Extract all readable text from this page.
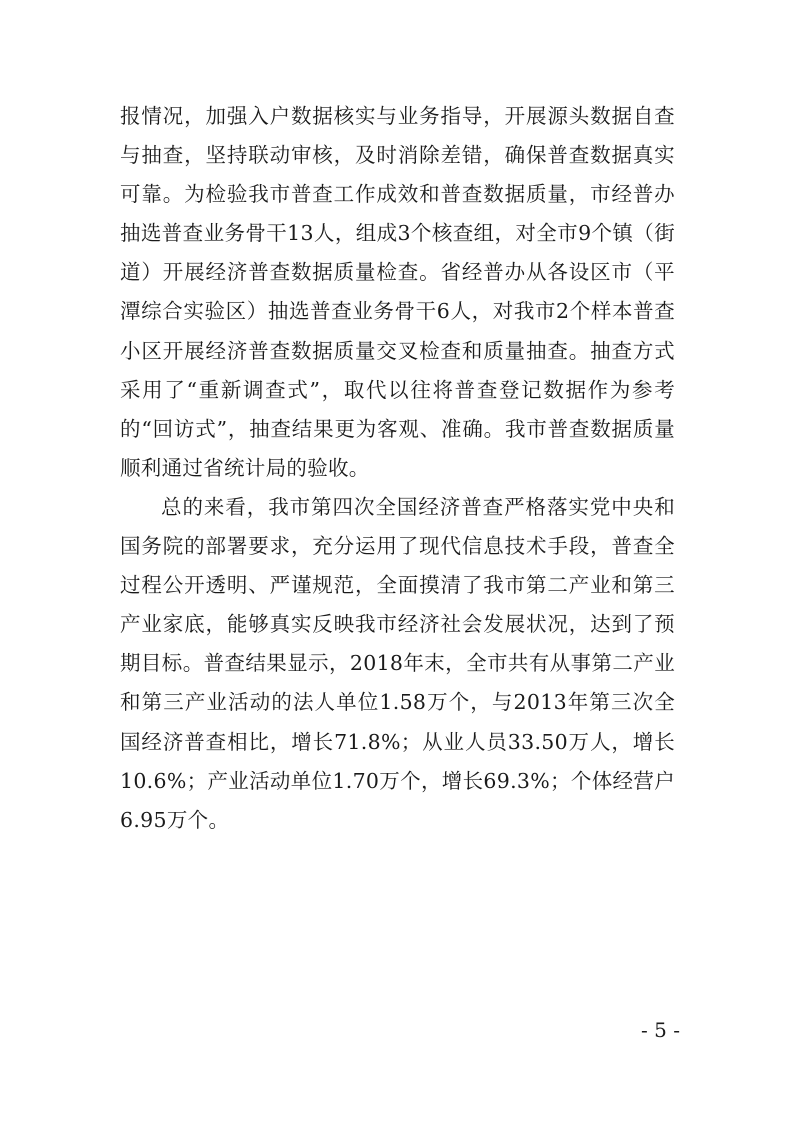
报情况，加强入户数据核实与业务指导，开展源头数据自查与抽查，坚持联动审核，及时消除差错，确保普查数据真实可靠。为检验我市普查工作成效和普查数据质量，市经普办抽选普查业务骨干13人，组成3个核查组，对全市9个镇（街道）开展经济普查数据质量检查。省经普办从各设区市（平潭综合实验区）抽选普查业务骨干6人，对我市2个样本普查小区开展经济普查数据质量交叉检查和质量抽查。抽查方式采用了“重新调查式”，取代以往将普查登记数据作为参考的“回访式”，抽查结果更为客观、准确。我市普查数据质量顺利通过省统计局的验收。

总的来看，我市第四次全国经济普查严格落实党中央和国务院的部署要求，充分运用了现代信息技术手段，普查全过程公开透明、严谨规范，全面摸清了我市第二产业和第三产业家底，能够真实反映我市经济社会发展状况，达到了预期目标。普查结果显示，2018年末，全市共有从事第二产业和第三产业活动的法人单位1.58万个，与2013年第三次全国经济普查相比，增长71.8%；从业人员33.50万人，增长10.6%；产业活动单位1.70万个，增长69.3%；个体经营户6.95万个。

- 5 -
